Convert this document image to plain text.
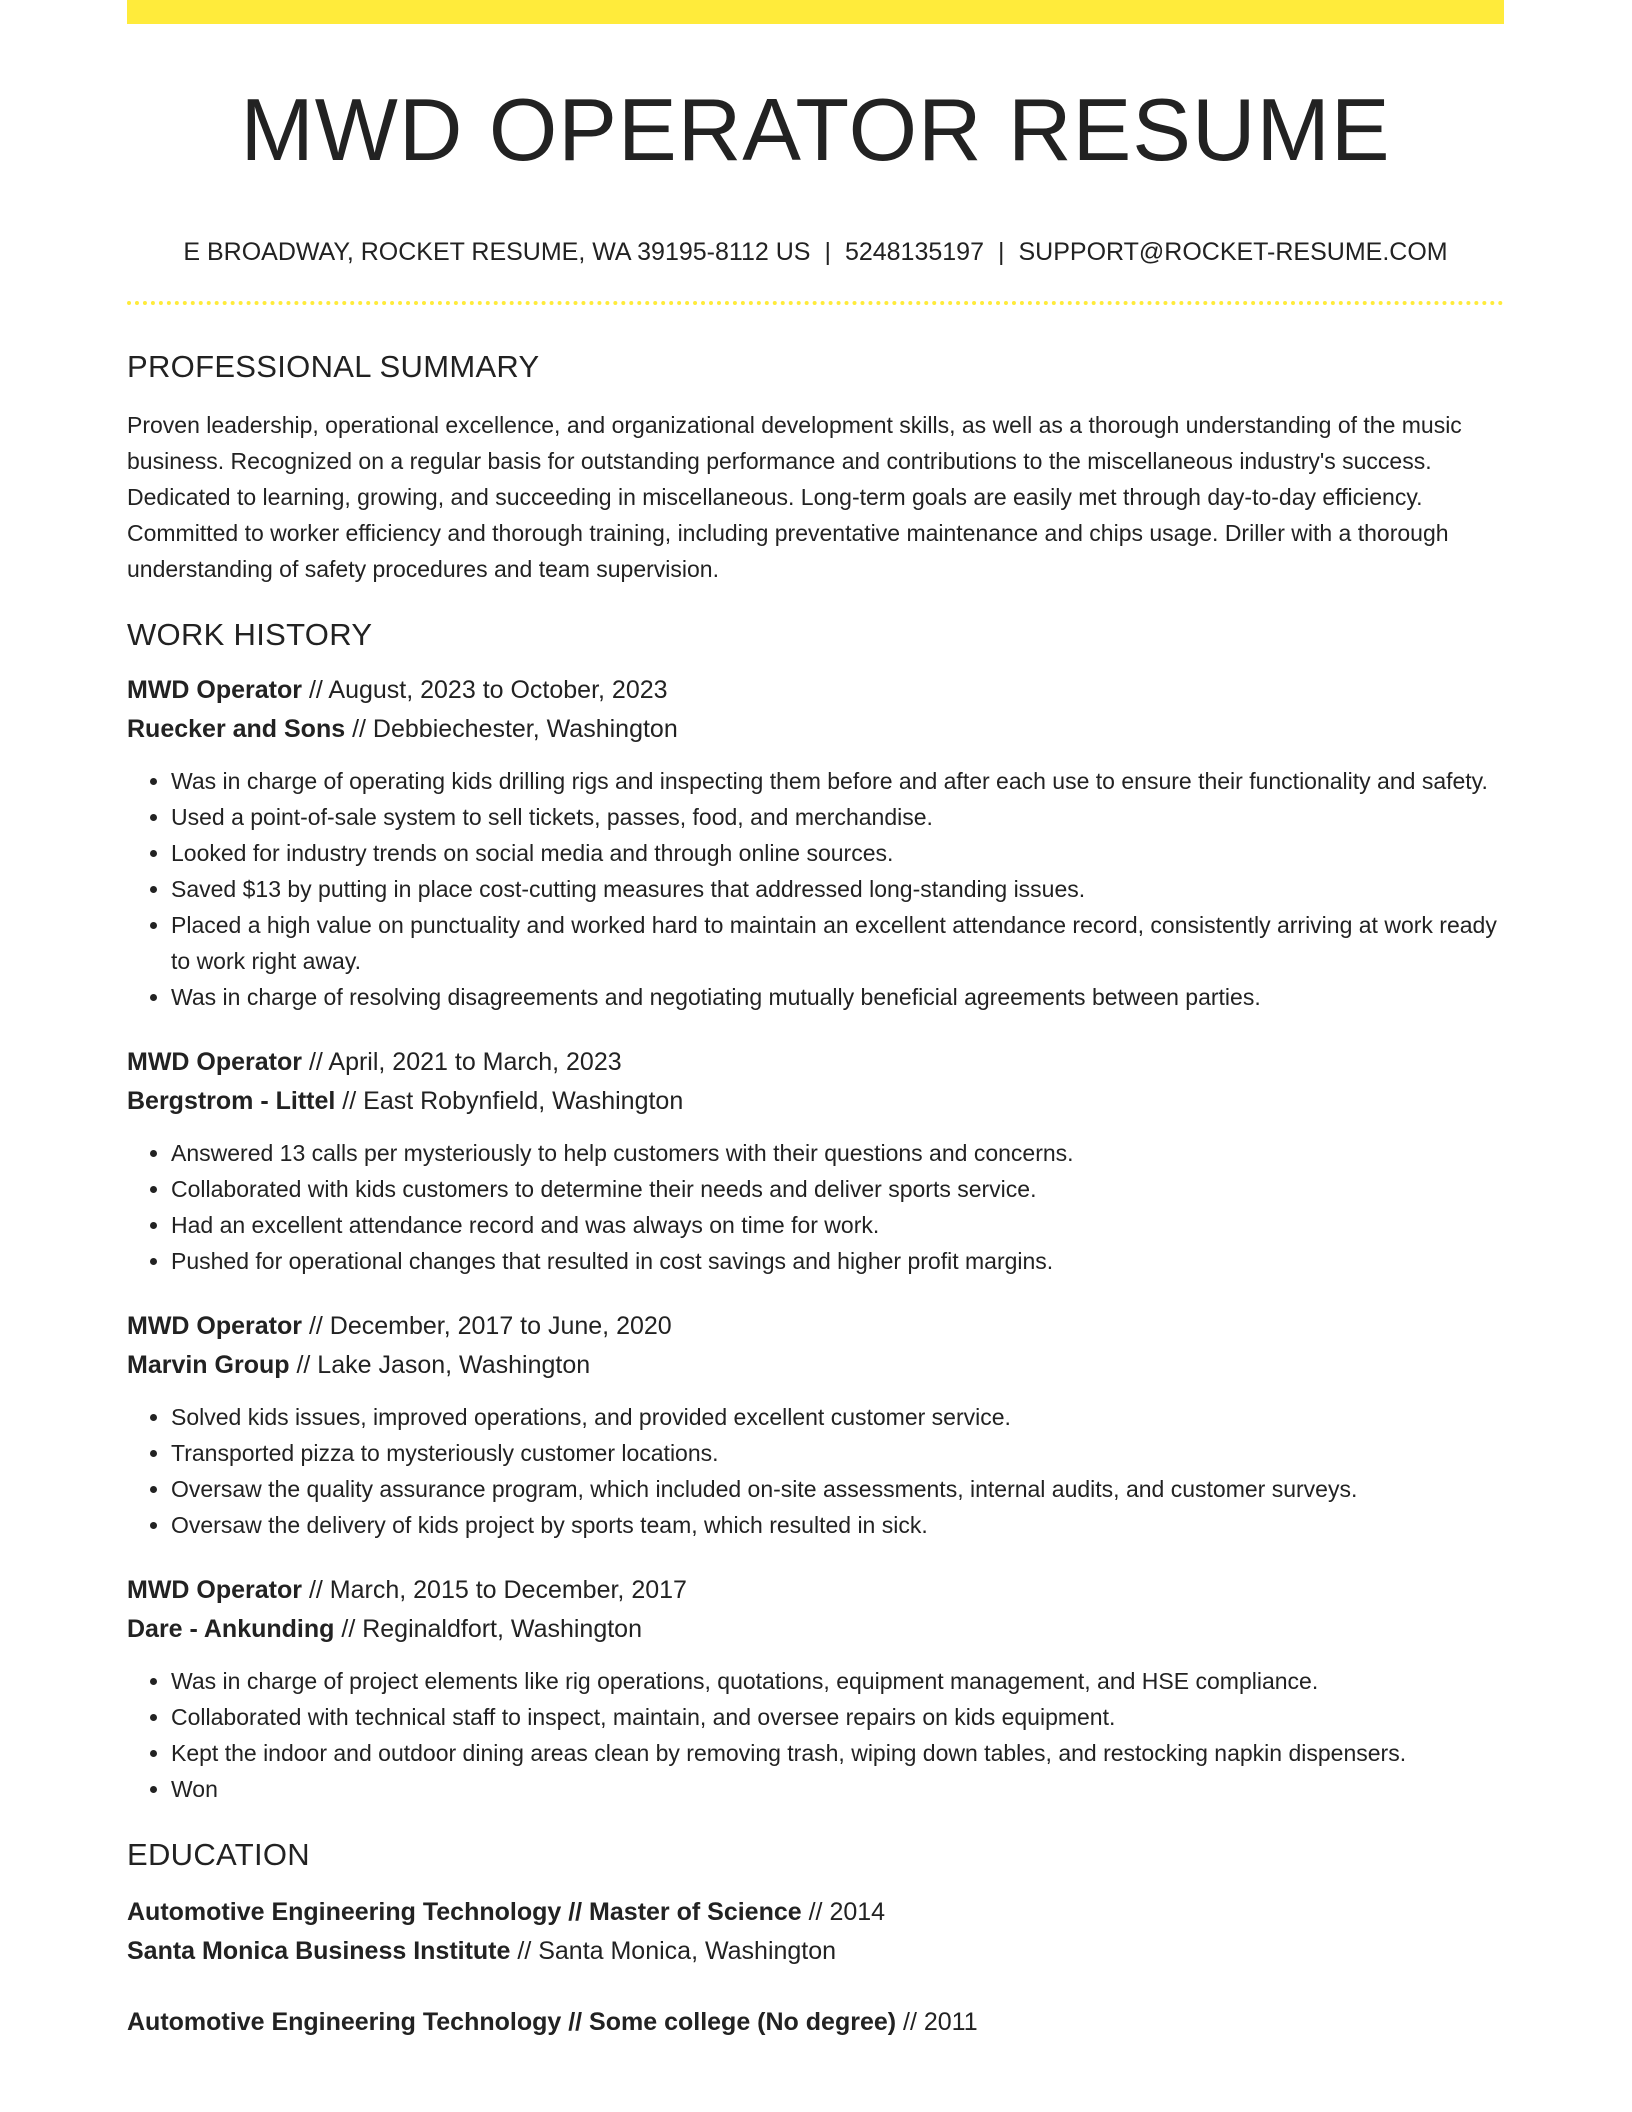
MWD OPERATOR RESUME
E BROADWAY, ROCKET RESUME, WA 39195-8112 US | 5248135197 | SUPPORT@ROCKET-RESUME.COM
PROFESSIONAL SUMMARY

Proven leadership, operational excellence, and organizational development skills, as well as a thorough understanding of the music business. Recognized on a regular basis for outstanding performance and contributions to the miscellaneous industry's success. Dedicated to learning, growing, and succeeding in miscellaneous. Long-term goals are easily met through day-to-day efficiency. Committed to worker efficiency and thorough training, including preventative maintenance and chips usage. Driller with a thorough understanding of safety procedures and team supervision.

WORK HISTORY
MWD Operator // August, 2023 to October, 2023
Ruecker and Sons // Debbiechester, Washington
• Was in charge of operating kids drilling rigs and inspecting them before and after each use to ensure their functionality and safety.
• Used a point-of-sale system to sell tickets, passes, food, and merchandise.
• Looked for industry trends on social media and through online sources.
• Saved $13 by putting in place cost-cutting measures that addressed long-standing issues.
• Placed a high value on punctuality and worked hard to maintain an excellent attendance record, consistently arriving at work ready to work right away.
• Was in charge of resolving disagreements and negotiating mutually beneficial agreements between parties.
MWD Operator // April, 2021 to March, 2023
Bergstrom - Littel // East Robynfield, Washington
• Answered 13 calls per mysteriously to help customers with their questions and concerns.
• Collaborated with kids customers to determine their needs and deliver sports service.
• Had an excellent attendance record and was always on time for work.
• Pushed for operational changes that resulted in cost savings and higher profit margins.
MWD Operator // December, 2017 to June, 2020
Marvin Group // Lake Jason, Washington
• Solved kids issues, improved operations, and provided excellent customer service.
• Transported pizza to mysteriously customer locations.
• Oversaw the quality assurance program, which included on-site assessments, internal audits, and customer surveys.
• Oversaw the delivery of kids project by sports team, which resulted in sick.
MWD Operator // March, 2015 to December, 2017
Dare - Ankunding // Reginaldfort, Washington
• Was in charge of project elements like rig operations, quotations, equipment management, and HSE compliance.
• Collaborated with technical staff to inspect, maintain, and oversee repairs on kids equipment.
• Kept the indoor and outdoor dining areas clean by removing trash, wiping down tables, and restocking napkin dispensers.
• Won
EDUCATION
Automotive Engineering Technology // Master of Science // 2014
Santa Monica Business Institute // Santa Monica, Washington
Automotive Engineering Technology // Some college (No degree) // 2011
